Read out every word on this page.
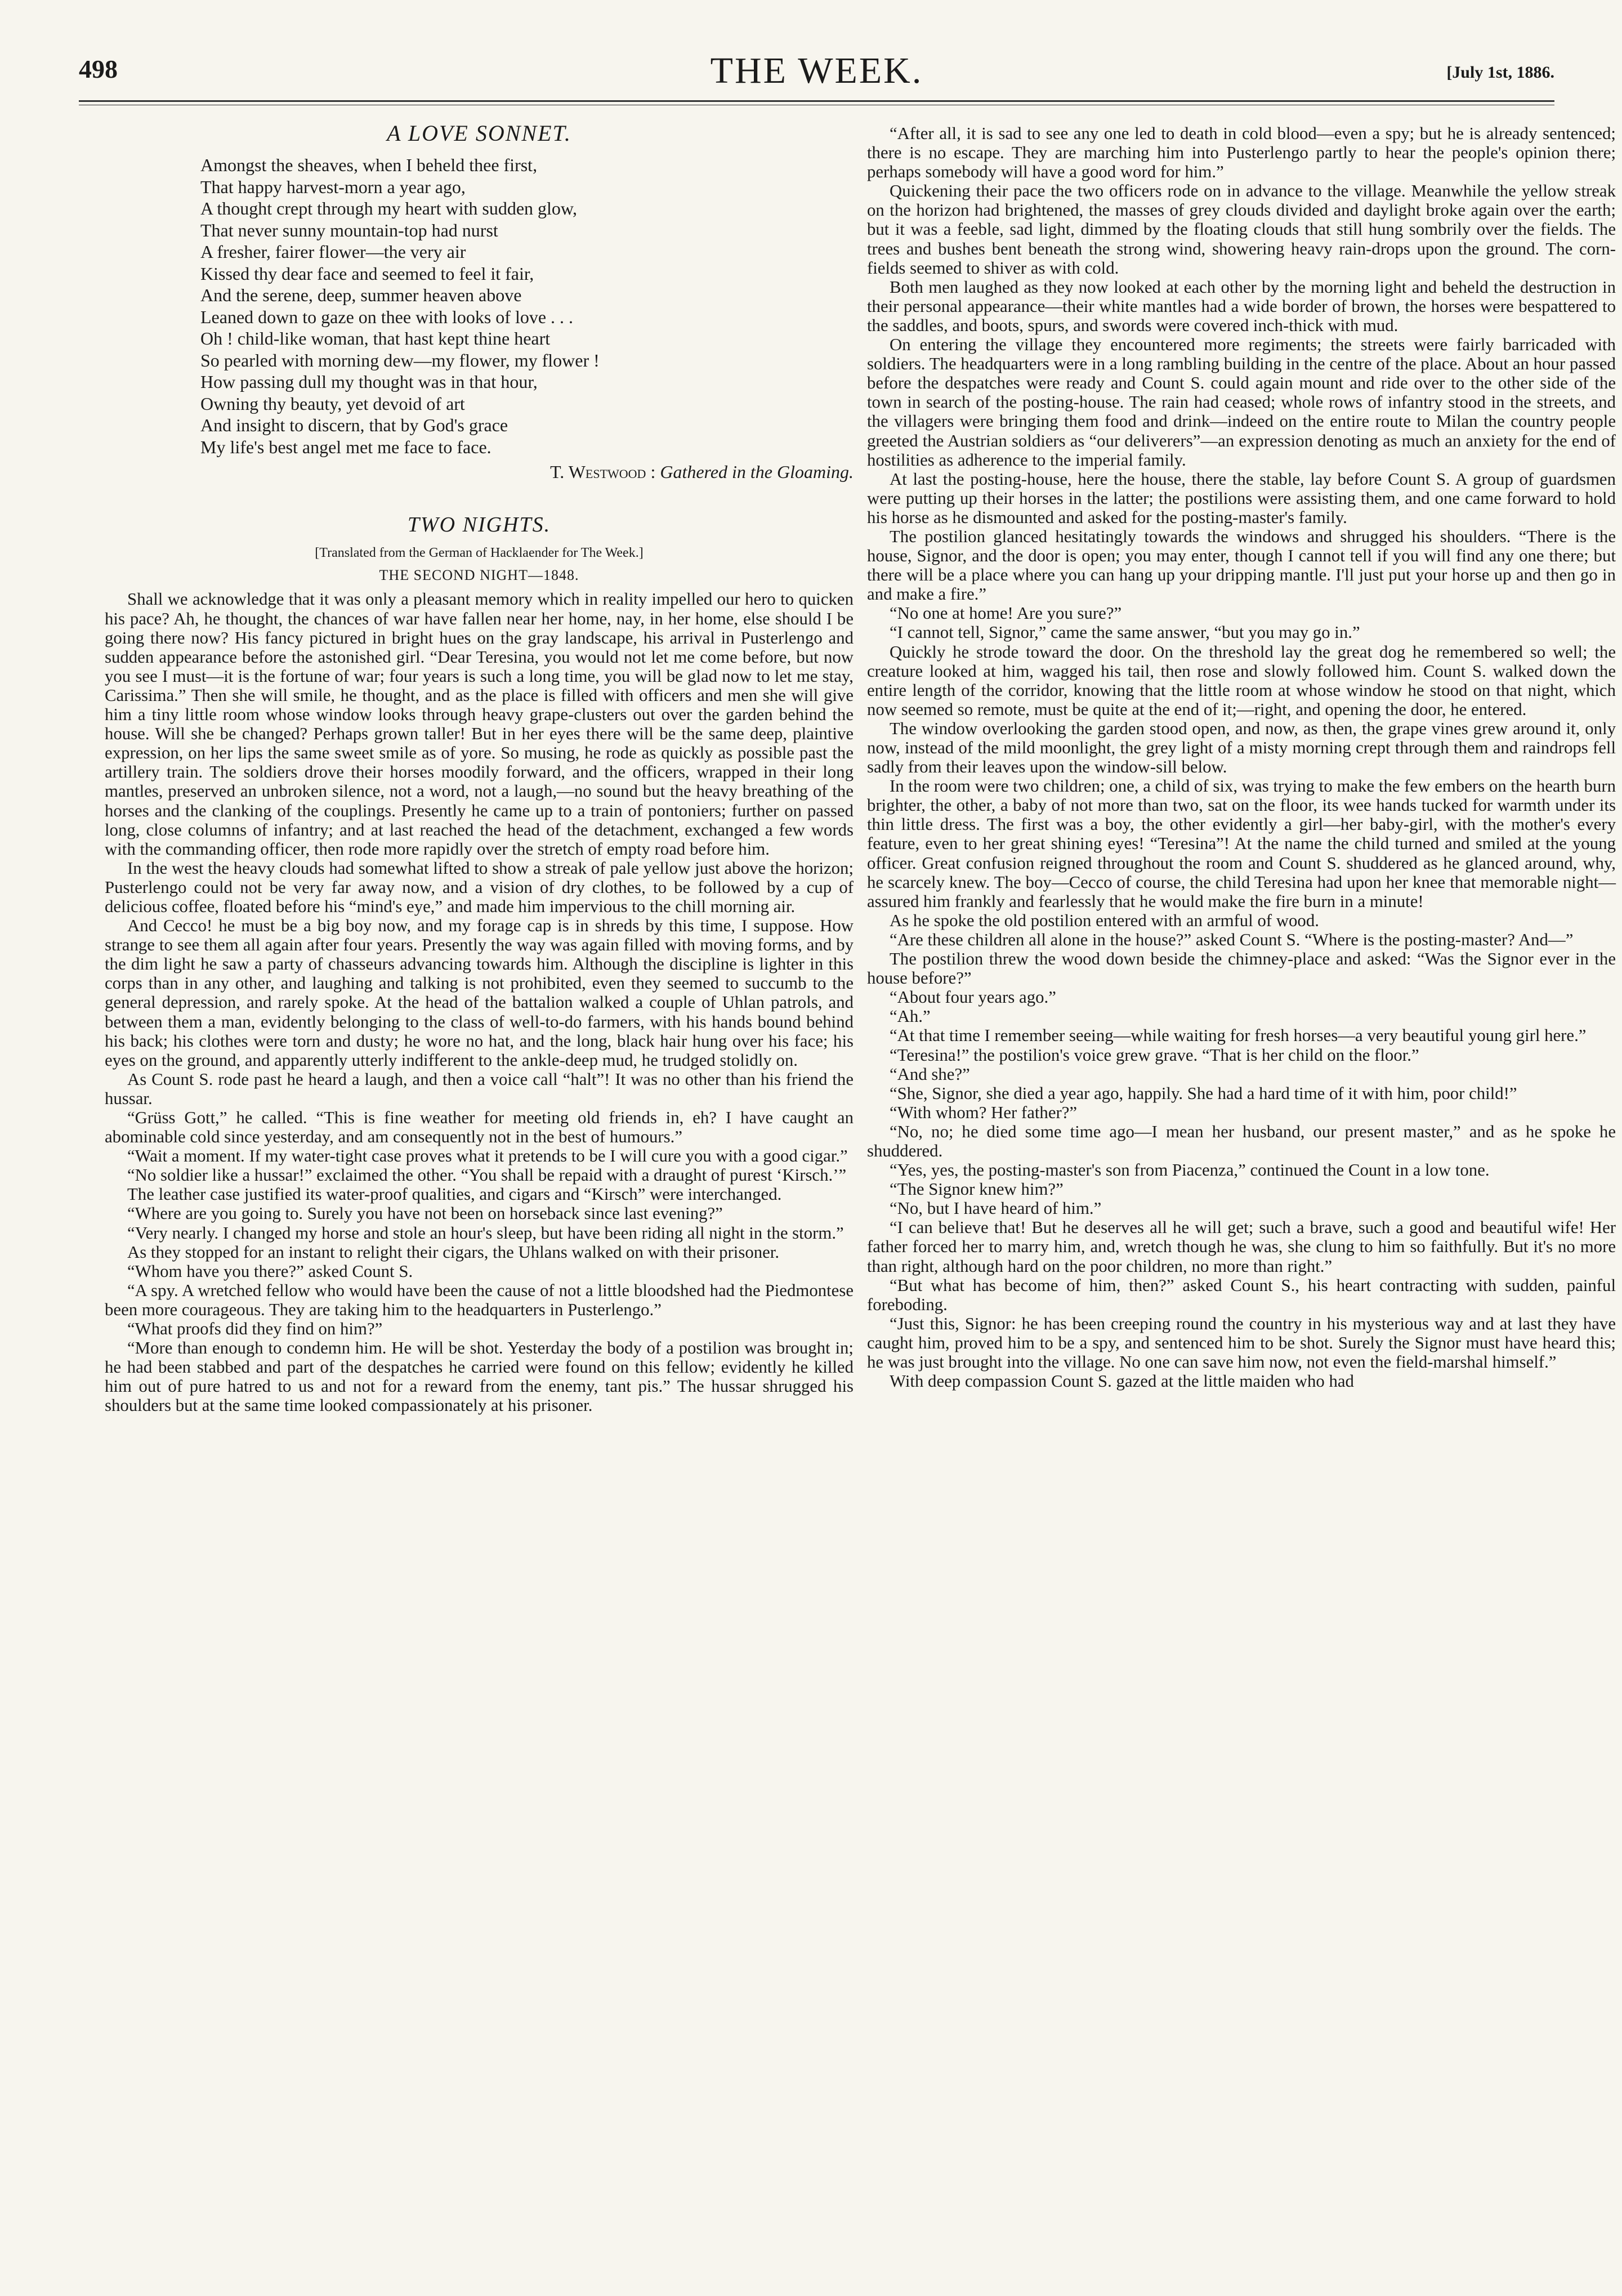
498	THE WEEK.	[July 1st, 1886.
A LOVE SONNET.
Amongst the sheaves, when I beheld thee first,
That happy harvest-morn a year ago,
A thought crept through my heart with sudden glow,
That never sunny mountain-top had nurst
A fresher, fairer flower—the very air
Kissed thy dear face and seemed to feel it fair,
And the serene, deep, summer heaven above
Leaned down to gaze on thee with looks of love . . .
Oh ! child-like woman, that hast kept thine heart
So pearled with morning dew—my flower, my flower !
How passing dull my thought was in that hour,
Owning thy beauty, yet devoid of art
And insight to discern, that by God's grace
My life's best angel met me face to face.
T. Westwood : Gathered in the Gloaming.
TWO NIGHTS.
[Translated from the German of Hacklaender for The Week.]
THE SECOND NIGHT—1848.

Shall we acknowledge that it was only a pleasant memory which in reality impelled our hero to quicken his pace? Ah, he thought, the chances of war have fallen near her home, nay, in her home, else should I be going there now? His fancy pictured in bright hues on the gray landscape, his arrival in Pusterlengo and sudden appearance before the astonished girl. “Dear Teresina, you would not let me come before, but now you see I must—it is the fortune of war; four years is such a long time, you will be glad now to let me stay, Carissima.” Then she will smile, he thought, and as the place is filled with officers and men she will give him a tiny little room whose window looks through heavy grape-clusters out over the garden behind the house. Will she be changed? Perhaps grown taller! But in her eyes there will be the same deep, plaintive expression, on her lips the same sweet smile as of yore. So musing, he rode as quickly as possible past the artillery train. The soldiers drove their horses moodily forward, and the officers, wrapped in their long mantles, preserved an unbroken silence, not a word, not a laugh,—no sound but the heavy breathing of the horses and the clanking of the couplings. Presently he came up to a train of pontoniers; further on passed long, close columns of infantry; and at last reached the head of the detachment, exchanged a few words with the commanding officer, then rode more rapidly over the stretch of empty road before him.

In the west the heavy clouds had somewhat lifted to show a streak of pale yellow just above the horizon; Pusterlengo could not be very far away now, and a vision of dry clothes, to be followed by a cup of delicious coffee, floated before his “mind's eye,” and made him impervious to the chill morning air.

And Cecco! he must be a big boy now, and my forage cap is in shreds by this time, I suppose. How strange to see them all again after four years. Presently the way was again filled with moving forms, and by the dim light he saw a party of chasseurs advancing towards him. Although the discipline is lighter in this corps than in any other, and laughing and talking is not prohibited, even they seemed to succumb to the general depression, and rarely spoke. At the head of the battalion walked a couple of Uhlan patrols, and between them a man, evidently belonging to the class of well-to-do farmers, with his hands bound behind his back; his clothes were torn and dusty; he wore no hat, and the long, black hair hung over his face; his eyes on the ground, and apparently utterly indifferent to the ankle-deep mud, he trudged stolidly on.

As Count S. rode past he heard a laugh, and then a voice call “halt”! It was no other than his friend the hussar.

“Grüss Gott,” he called. “This is fine weather for meeting old friends in, eh? I have caught an abominable cold since yesterday, and am consequently not in the best of humours.”

“Wait a moment. If my water-tight case proves what it pretends to be I will cure you with a good cigar.”

“No soldier like a hussar!” exclaimed the other. “You shall be repaid with a draught of purest ‘Kirsch.’”

The leather case justified its water-proof qualities, and cigars and “Kirsch” were interchanged.

“Where are you going to. Surely you have not been on horseback since last evening?”

“Very nearly. I changed my horse and stole an hour's sleep, but have been riding all night in the storm.”

As they stopped for an instant to relight their cigars, the Uhlans walked on with their prisoner.

“Whom have you there?” asked Count S.

“A spy. A wretched fellow who would have been the cause of not a little bloodshed had the Piedmontese been more courageous. They are taking him to the headquarters in Pusterlengo.”

“What proofs did they find on him?”

“More than enough to condemn him. He will be shot. Yesterday the body of a postilion was brought in; he had been stabbed and part of the despatches he carried were found on this fellow; evidently he killed him out of pure hatred to us and not for a reward from the enemy, tant pis.” The hussar shrugged his shoulders but at the same time looked compassionately at his prisoner.

“After all, it is sad to see any one led to death in cold blood—even a spy; but he is already sentenced; there is no escape. They are marching him into Pusterlengo partly to hear the people's opinion there; perhaps somebody will have a good word for him.”

Quickening their pace the two officers rode on in advance to the village. Meanwhile the yellow streak on the horizon had brightened, the masses of grey clouds divided and daylight broke again over the earth; but it was a feeble, sad light, dimmed by the floating clouds that still hung sombrily over the fields. The trees and bushes bent beneath the strong wind, showering heavy rain-drops upon the ground. The corn-fields seemed to shiver as with cold.

Both men laughed as they now looked at each other by the morning light and beheld the destruction in their personal appearance—their white mantles had a wide border of brown, the horses were bespattered to the saddles, and boots, spurs, and swords were covered inch-thick with mud.

On entering the village they encountered more regiments; the streets were fairly barricaded with soldiers. The headquarters were in a long rambling building in the centre of the place. About an hour passed before the despatches were ready and Count S. could again mount and ride over to the other side of the town in search of the posting-house. The rain had ceased; whole rows of infantry stood in the streets, and the villagers were bringing them food and drink—indeed on the entire route to Milan the country people greeted the Austrian soldiers as “our deliverers”—an expression denoting as much an anxiety for the end of hostilities as adherence to the imperial family.

At last the posting-house, here the house, there the stable, lay before Count S. A group of guardsmen were putting up their horses in the latter; the postilions were assisting them, and one came forward to hold his horse as he dismounted and asked for the posting-master's family.

The postilion glanced hesitatingly towards the windows and shrugged his shoulders. “There is the house, Signor, and the door is open; you may enter, though I cannot tell if you will find any one there; but there will be a place where you can hang up your dripping mantle. I'll just put your horse up and then go in and make a fire.”

“No one at home! Are you sure?”

“I cannot tell, Signor,” came the same answer, “but you may go in.”

Quickly he strode toward the door. On the threshold lay the great dog he remembered so well; the creature looked at him, wagged his tail, then rose and slowly followed him. Count S. walked down the entire length of the corridor, knowing that the little room at whose window he stood on that night, which now seemed so remote, must be quite at the end of it;—right, and opening the door, he entered.

The window overlooking the garden stood open, and now, as then, the grape vines grew around it, only now, instead of the mild moonlight, the grey light of a misty morning crept through them and raindrops fell sadly from their leaves upon the window-sill below.

In the room were two children; one, a child of six, was trying to make the few embers on the hearth burn brighter, the other, a baby of not more than two, sat on the floor, its wee hands tucked for warmth under its thin little dress. The first was a boy, the other evidently a girl—her baby-girl, with the mother's every feature, even to her great shining eyes! “Teresina”! At the name the child turned and smiled at the young officer. Great confusion reigned throughout the room and Count S. shuddered as he glanced around, why, he scarcely knew. The boy—Cecco of course, the child Teresina had upon her knee that memorable night—assured him frankly and fearlessly that he would make the fire burn in a minute!

As he spoke the old postilion entered with an armful of wood.

“Are these children all alone in the house?” asked Count S. “Where is the posting-master? And—”

The postilion threw the wood down beside the chimney-place and asked: “Was the Signor ever in the house before?”

“About four years ago.”

“Ah.”

“At that time I remember seeing—while waiting for fresh horses—a very beautiful young girl here.”

“Teresina!” the postilion's voice grew grave. “That is her child on the floor.”

“And she?”

“She, Signor, she died a year ago, happily. She had a hard time of it with him, poor child!”

“With whom? Her father?”

“No, no; he died some time ago—I mean her husband, our present master,” and as he spoke he shuddered.

“Yes, yes, the posting-master's son from Piacenza,” continued the Count in a low tone.

“The Signor knew him?”

“No, but I have heard of him.”

“I can believe that! But he deserves all he will get; such a brave, such a good and beautiful wife! Her father forced her to marry him, and, wretch though he was, she clung to him so faithfully. But it's no more than right, although hard on the poor children, no more than right.”

“But what has become of him, then?” asked Count S., his heart contracting with sudden, painful foreboding.

“Just this, Signor: he has been creeping round the country in his mysterious way and at last they have caught him, proved him to be a spy, and sentenced him to be shot. Surely the Signor must have heard this; he was just brought into the village. No one can save him now, not even the field-marshal himself.”

With deep compassion Count S. gazed at the little maiden who had
